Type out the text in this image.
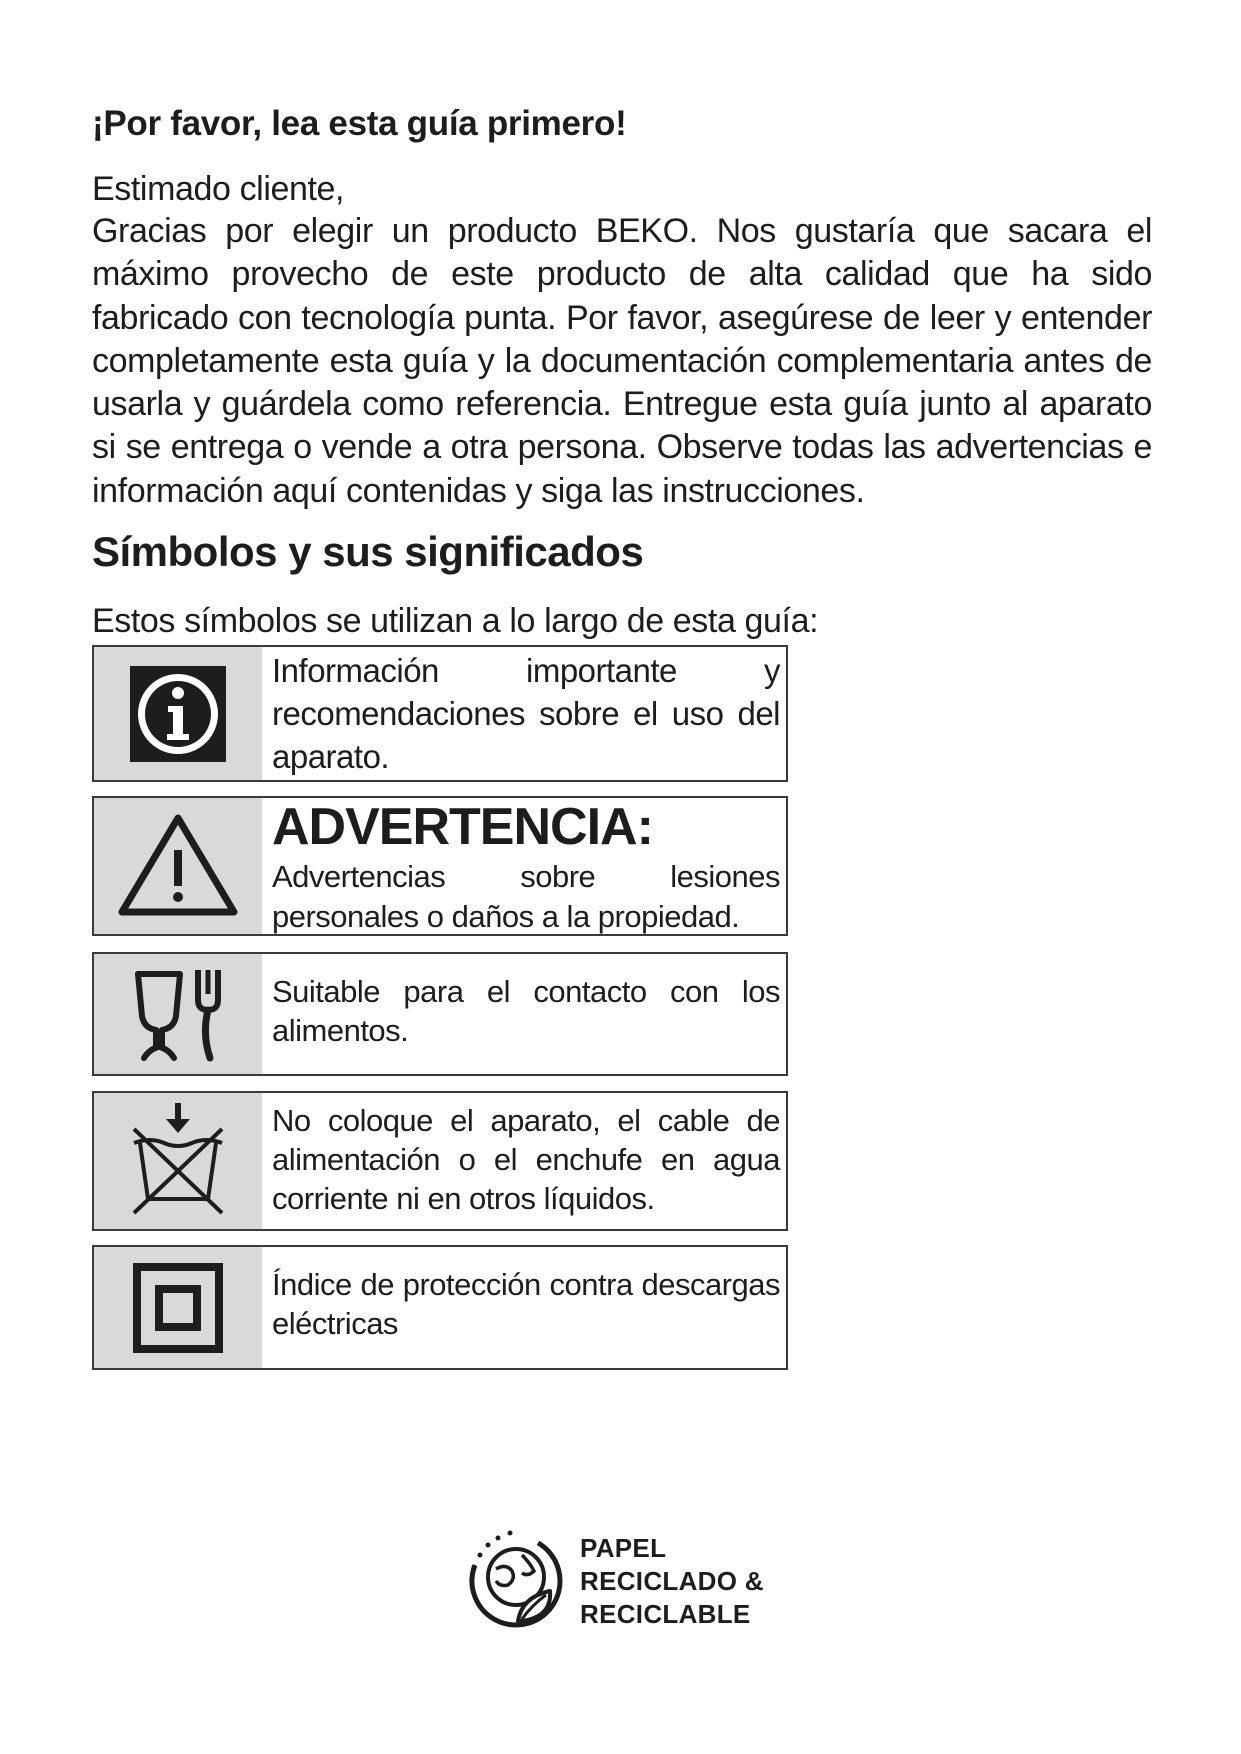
¡Por favor, lea esta guía primero!

Estimado cliente,

Gracias por elegir un producto BEKO. Nos gustaría que sacara el máximo provecho de este producto de alta calidad que ha sido fabricado con tecnología punta. Por favor, asegúrese de leer y entender completamente esta guía y la documentación complementaria antes de usarla y guárdela como referencia. Entregue esta guía junto al aparato si se entrega o vende a otra persona. Observe todas las advertencias e información aquí contenidas y siga las instrucciones.

Símbolos y sus significados

Estos símbolos se utilizan a lo largo de esta guía:

Información importante y recomendaciones sobre el uso del aparato.
ADVERTENCIA: Advertencias sobre lesiones personales o daños a la propiedad.
Suitable para el contacto con los alimentos.
No coloque el aparato, el cable de alimentación o el enchufe en agua corriente ni en otros líquidos.
Índice de protección contra descargas eléctricas
PAPEL
RECICLADO &
RECICLABLE
